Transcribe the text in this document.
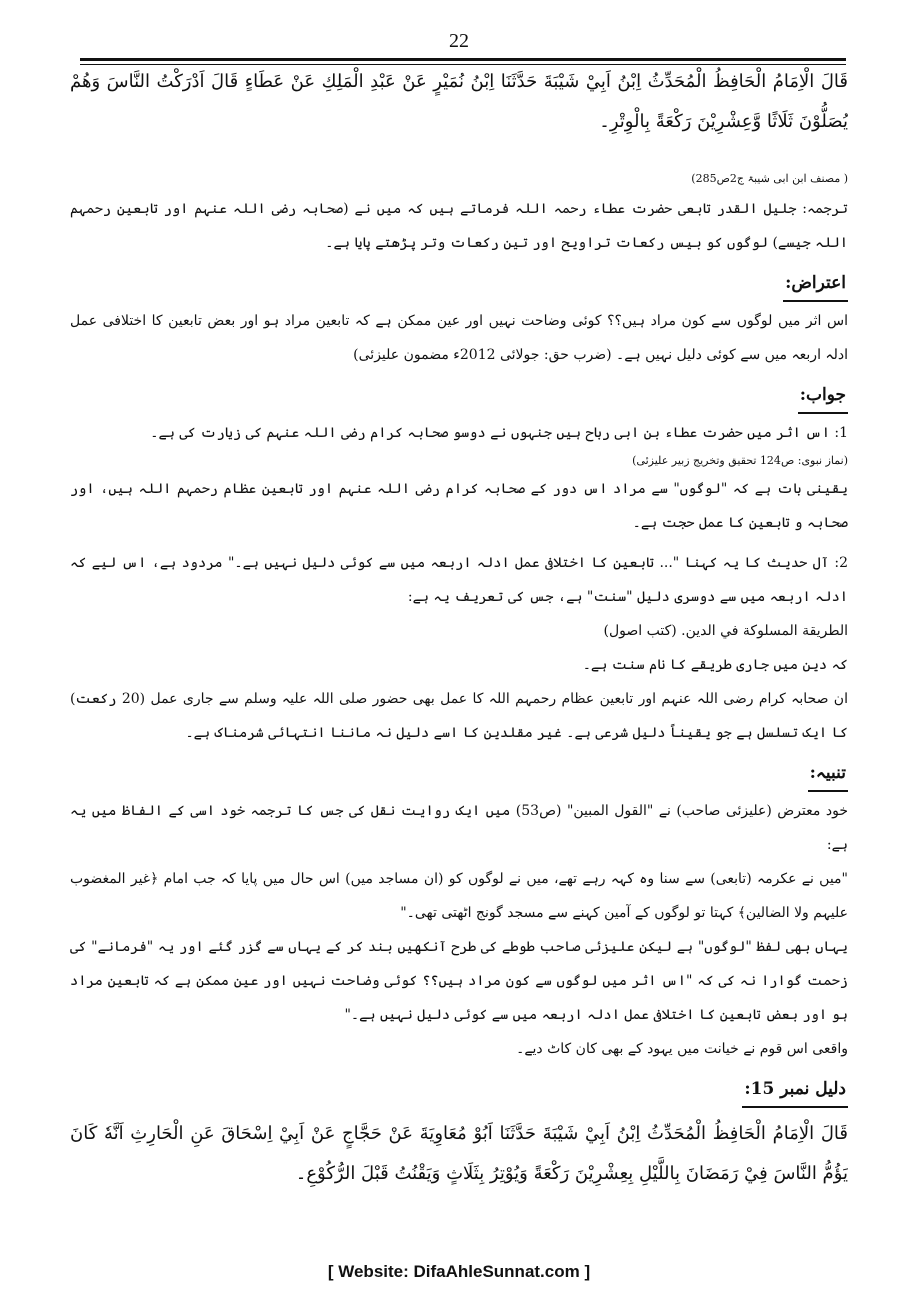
22

قَالَ الْاِمَامُ الْحَافِظُ الْمُحَدِّثُ اِبْنُ اَبِيْ شَيْبَةَ حَدَّثَنَا اِبْنُ نُمَيْرٍ عَنْ عَبْدِ الْمَلِكِ عَنْ عَطَاءٍ قَالَ اَدْرَكْتُ النَّاسَ وَهُمْ يُصَلُّوْنَ ثَلَاثًا وَّعِشْرِيْنَ رَكْعَةً بِالْوِتْرِ۔

( مصنف ابن ابی شیبۃ ج2ص285)

ترجمہ: جلیل القدر تابعی حضرت عطاء رحمہ اللہ فرماتے ہیں کہ میں نے (صحابہ رضی اللہ عنہم اور تابعین رحمہم اللہ جیسے) لوگوں کو بیس رکعات تراویح اور تین رکعات وتر پڑھتے پایا ہے۔

اعتراض:

اس اثر میں لوگوں سے کون مراد ہیں؟؟ کوئی وضاحت نہیں اور عین ممکن ہے کہ تابعین مراد ہو اور بعض تابعین کا اختلافی عمل ادلہ اربعہ میں سے کوئی دلیل نہیں ہے۔ (ضرب حق: جولائی 2012ء مضمون علیزئی)

جواب:

1: اس اثر میں حضرت عطاء بن ابی رباح ہیں جنہوں نے دوسو صحابہ کرام رضی اللہ عنہم کی زیارت کی ہے۔

(نماز نبوی: ص124 تحقیق وتخریج زبیر علیزئی)

یقینی بات ہے کہ "لوگوں" سے مراد اس دور کے صحابہ کرام رضی اللہ عنہم اور تابعین عظام رحمہم اللہ ہیں، اور صحابہ و تابعین کا عمل حجت ہے۔

2: آل حدیث کا یہ کہنا "... تابعین کا اختلافی عمل ادلہ اربعہ میں سے کوئی دلیل نہیں ہے۔" مردود ہے، اس لیے کہ ادلہ اربعہ میں سے دوسری دلیل "سنت" ہے، جس کی تعریف یہ ہے:

الطريقة المسلوكة في الدين. (كتب اصول)

کہ دین میں جاری طریقے کا نام سنت ہے۔

ان صحابہ کرام رضی اللہ عنہم اور تابعین عظام رحمہم اللہ کا عمل بھی حضور صلی اللہ علیہ وسلم سے جاری عمل (20 رکعت) کا ایک تسلسل ہے جو یقیناً دلیل شرعی ہے۔ غیر مقلدین کا اسے دلیل نہ ماننا انتہائی شرمناک ہے۔

تنبیہ:

خود معترض (علیزئی صاحب) نے "القول المبین" (ص53) میں ایک روایت نقل کی جس کا ترجمہ خود اسی کے الفاظ میں یہ ہے:

"میں نے عکرمہ (تابعی) سے سنا وہ کہہ رہے تھے، میں نے لوگوں کو (ان مساجد میں) اس حال میں پایا کہ جب امام ﴿غیر المغضوب علیہم ولا الضالین﴾ کہتا تو لوگوں کے آمین کہنے سے مسجد گونج اٹھتی تھی۔"

یہاں بھی لفظ "لوگوں" ہے لیکن علیزئی صاحب طوطے کی طرح آنکھیں بند کر کے یہاں سے گزر گئے اور یہ "فرمانے" کی زحمت گوارا نہ کی کہ "اس اثر میں لوگوں سے کون مراد ہیں؟؟ کوئی وضاحت نہیں اور عین ممکن ہے کہ تابعین مراد ہو اور بعض تابعین کا اختلافی عمل ادلہ اربعہ میں سے کوئی دلیل نہیں ہے۔"

واقعی اس قوم نے خیانت میں یہود کے بھی کان کاٹ دیے۔

دلیل نمبر 15:

قَالَ الْاِمَامُ الْحَافِظُ الْمُحَدِّثُ اِبْنُ اَبِيْ شَيْبَةَ حَدَّثَنَا اَبُوْ مُعَاوِيَةَ عَنْ حَجَّاجٍ عَنْ اَبِيْ اِسْحَاقَ عَنِ الْحَارِثِ اَنَّهٗ كَانَ يَؤُمُّ النَّاسَ فِيْ رَمَضَانَ بِاللَّيْلِ بِعِشْرِيْنَ رَكْعَةً وَيُوْتِرُ بِثَلَاثٍ وَيَقْنُتُ قَبْلَ الرُّكُوْعِ۔

[ Website: DifaAhleSunnat.com ]
